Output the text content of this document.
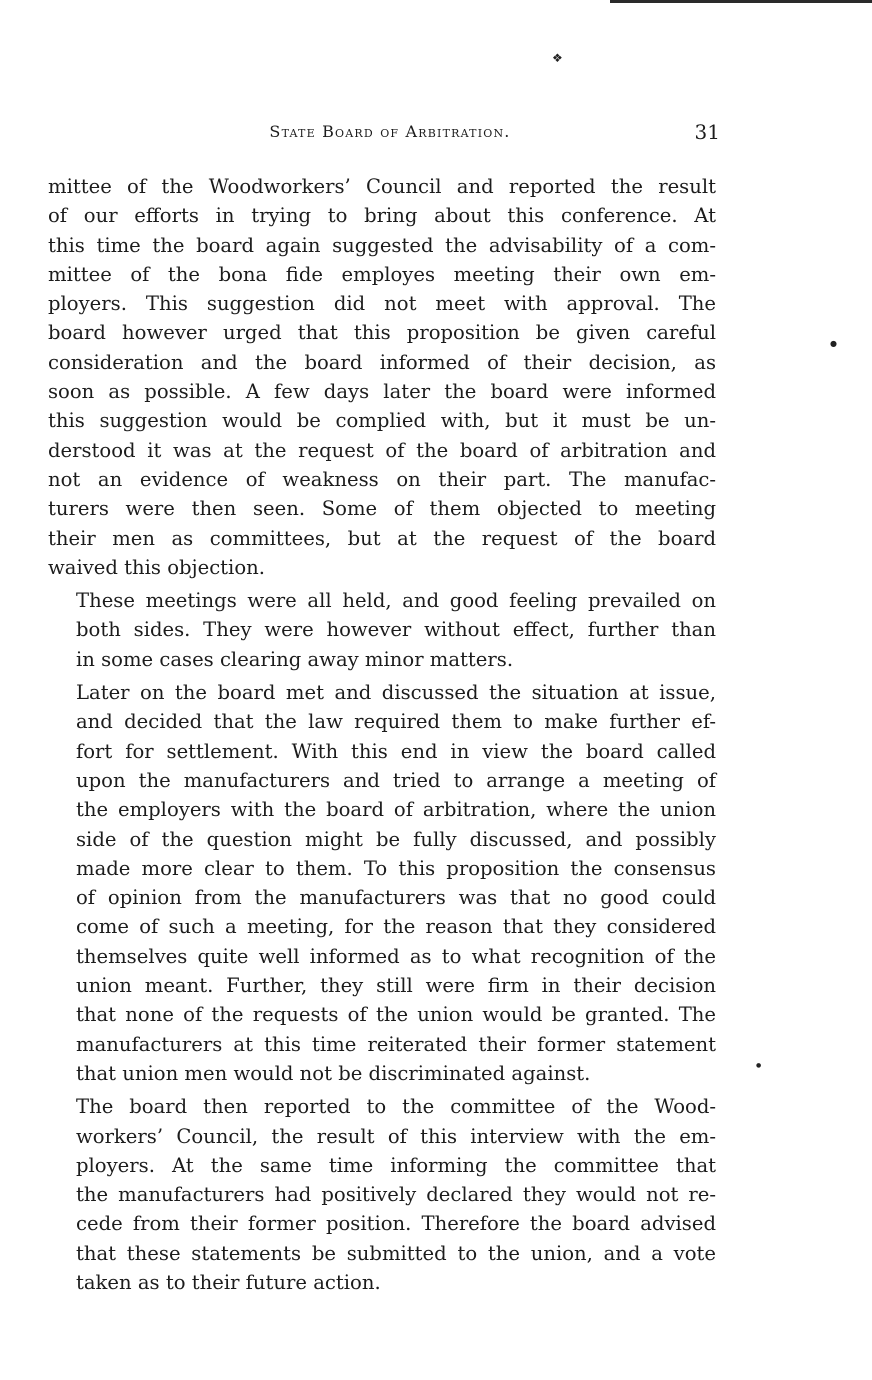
❖
●
●
State Board of Arbitration.	31

mittee of the Woodworkers’ Council and reported the result
of our efforts in trying to bring about this conference. At
this time the board again suggested the advisability of a com-
mittee of the bona fide employes meeting their own em-
ployers. This suggestion did not meet with approval. The
board however urged that this proposition be given careful
consideration and the board informed of their decision, as
soon as possible. A few days later the board were informed
this suggestion would be complied with, but it must be un-
derstood it was at the request of the board of arbitration and
not an evidence of weakness on their part. The manufac-
turers were then seen. Some of them objected to meeting
their men as committees, but at the request of the board
waived this objection.

These meetings were all held, and good feeling prevailed on
both sides. They were however without effect, further than
in some cases clearing away minor matters.

Later on the board met and discussed the situation at issue,
and decided that the law required them to make further ef-
fort for settlement. With this end in view the board called
upon the manufacturers and tried to arrange a meeting of
the employers with the board of arbitration, where the union
side of the question might be fully discussed, and possibly
made more clear to them. To this proposition the consensus
of opinion from the manufacturers was that no good could
come of such a meeting, for the reason that they considered
themselves quite well informed as to what recognition of the
union meant. Further, they still were firm in their decision
that none of the requests of the union would be granted. The
manufacturers at this time reiterated their former statement
that union men would not be discriminated against.

The board then reported to the committee of the Wood-
workers’ Council, the result of this interview with the em-
ployers. At the same time informing the committee that
the manufacturers had positively declared they would not re-
cede from their former position. Therefore the board advised
that these statements be submitted to the union, and a vote
taken as to their future action.
